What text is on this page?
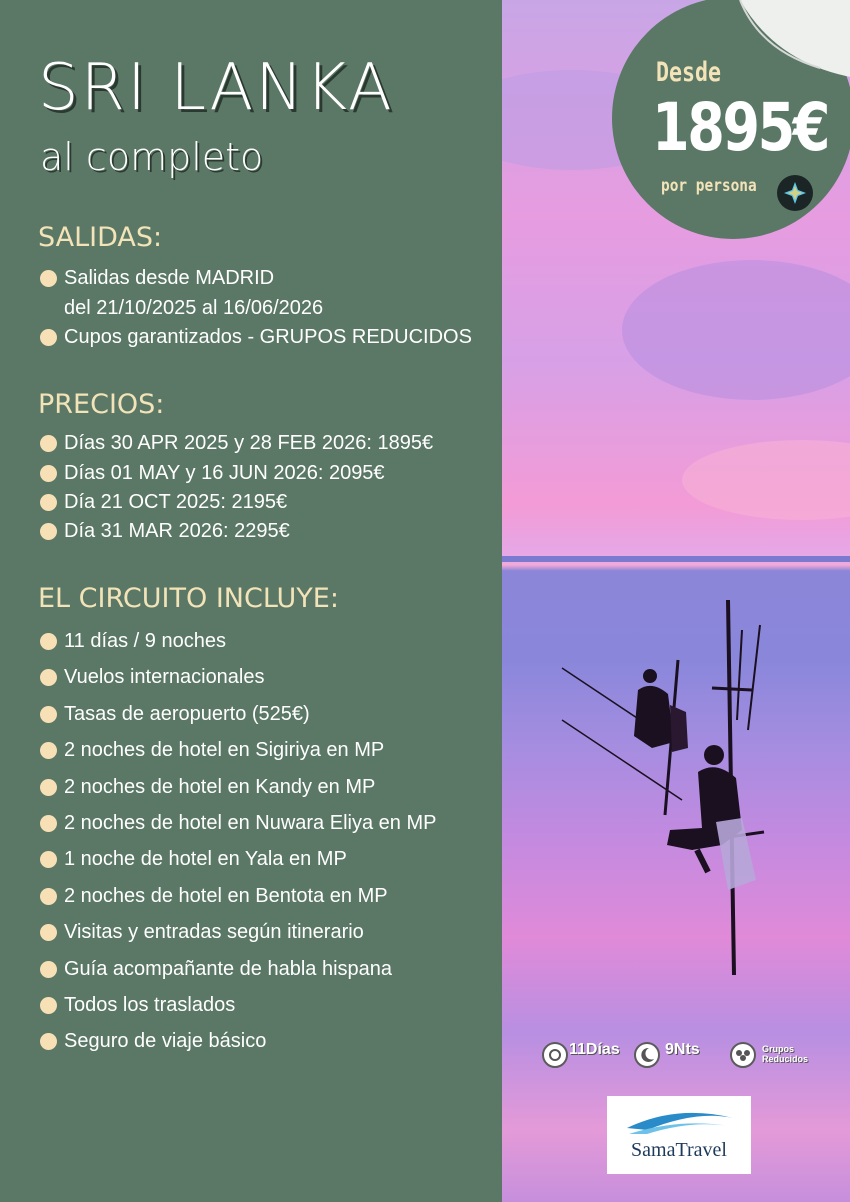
SRI LANKA
al completo
SALIDAS:
Salidas desde MADRID
del 21/10/2025 al 16/06/2026
Cupos garantizados - GRUPOS REDUCIDOS
PRECIOS:
Días 30 APR 2025 y 28 FEB 2026: 1895€
Días 01 MAY y 16 JUN 2026: 2095€
Día 21 OCT 2025: 2195€
Día 31 MAR 2026: 2295€
EL CIRCUITO INCLUYE:
11 días / 9 noches
Vuelos internacionales
Tasas de aeropuerto (525€)
2 noches de hotel en Sigiriya en MP
2 noches de hotel en Kandy en MP
2 noches de hotel en Nuwara Eliya en MP
1 noche de hotel en Yala en MP
2 noches de hotel en Bentota en MP
Visitas y entradas según itinerario
Guía acompañante de habla hispana
Todos los traslados
Seguro de viaje básico
Desde
1895€
por persona
11Días	9Nts	Grupos
Reducidos
SamaTravel
